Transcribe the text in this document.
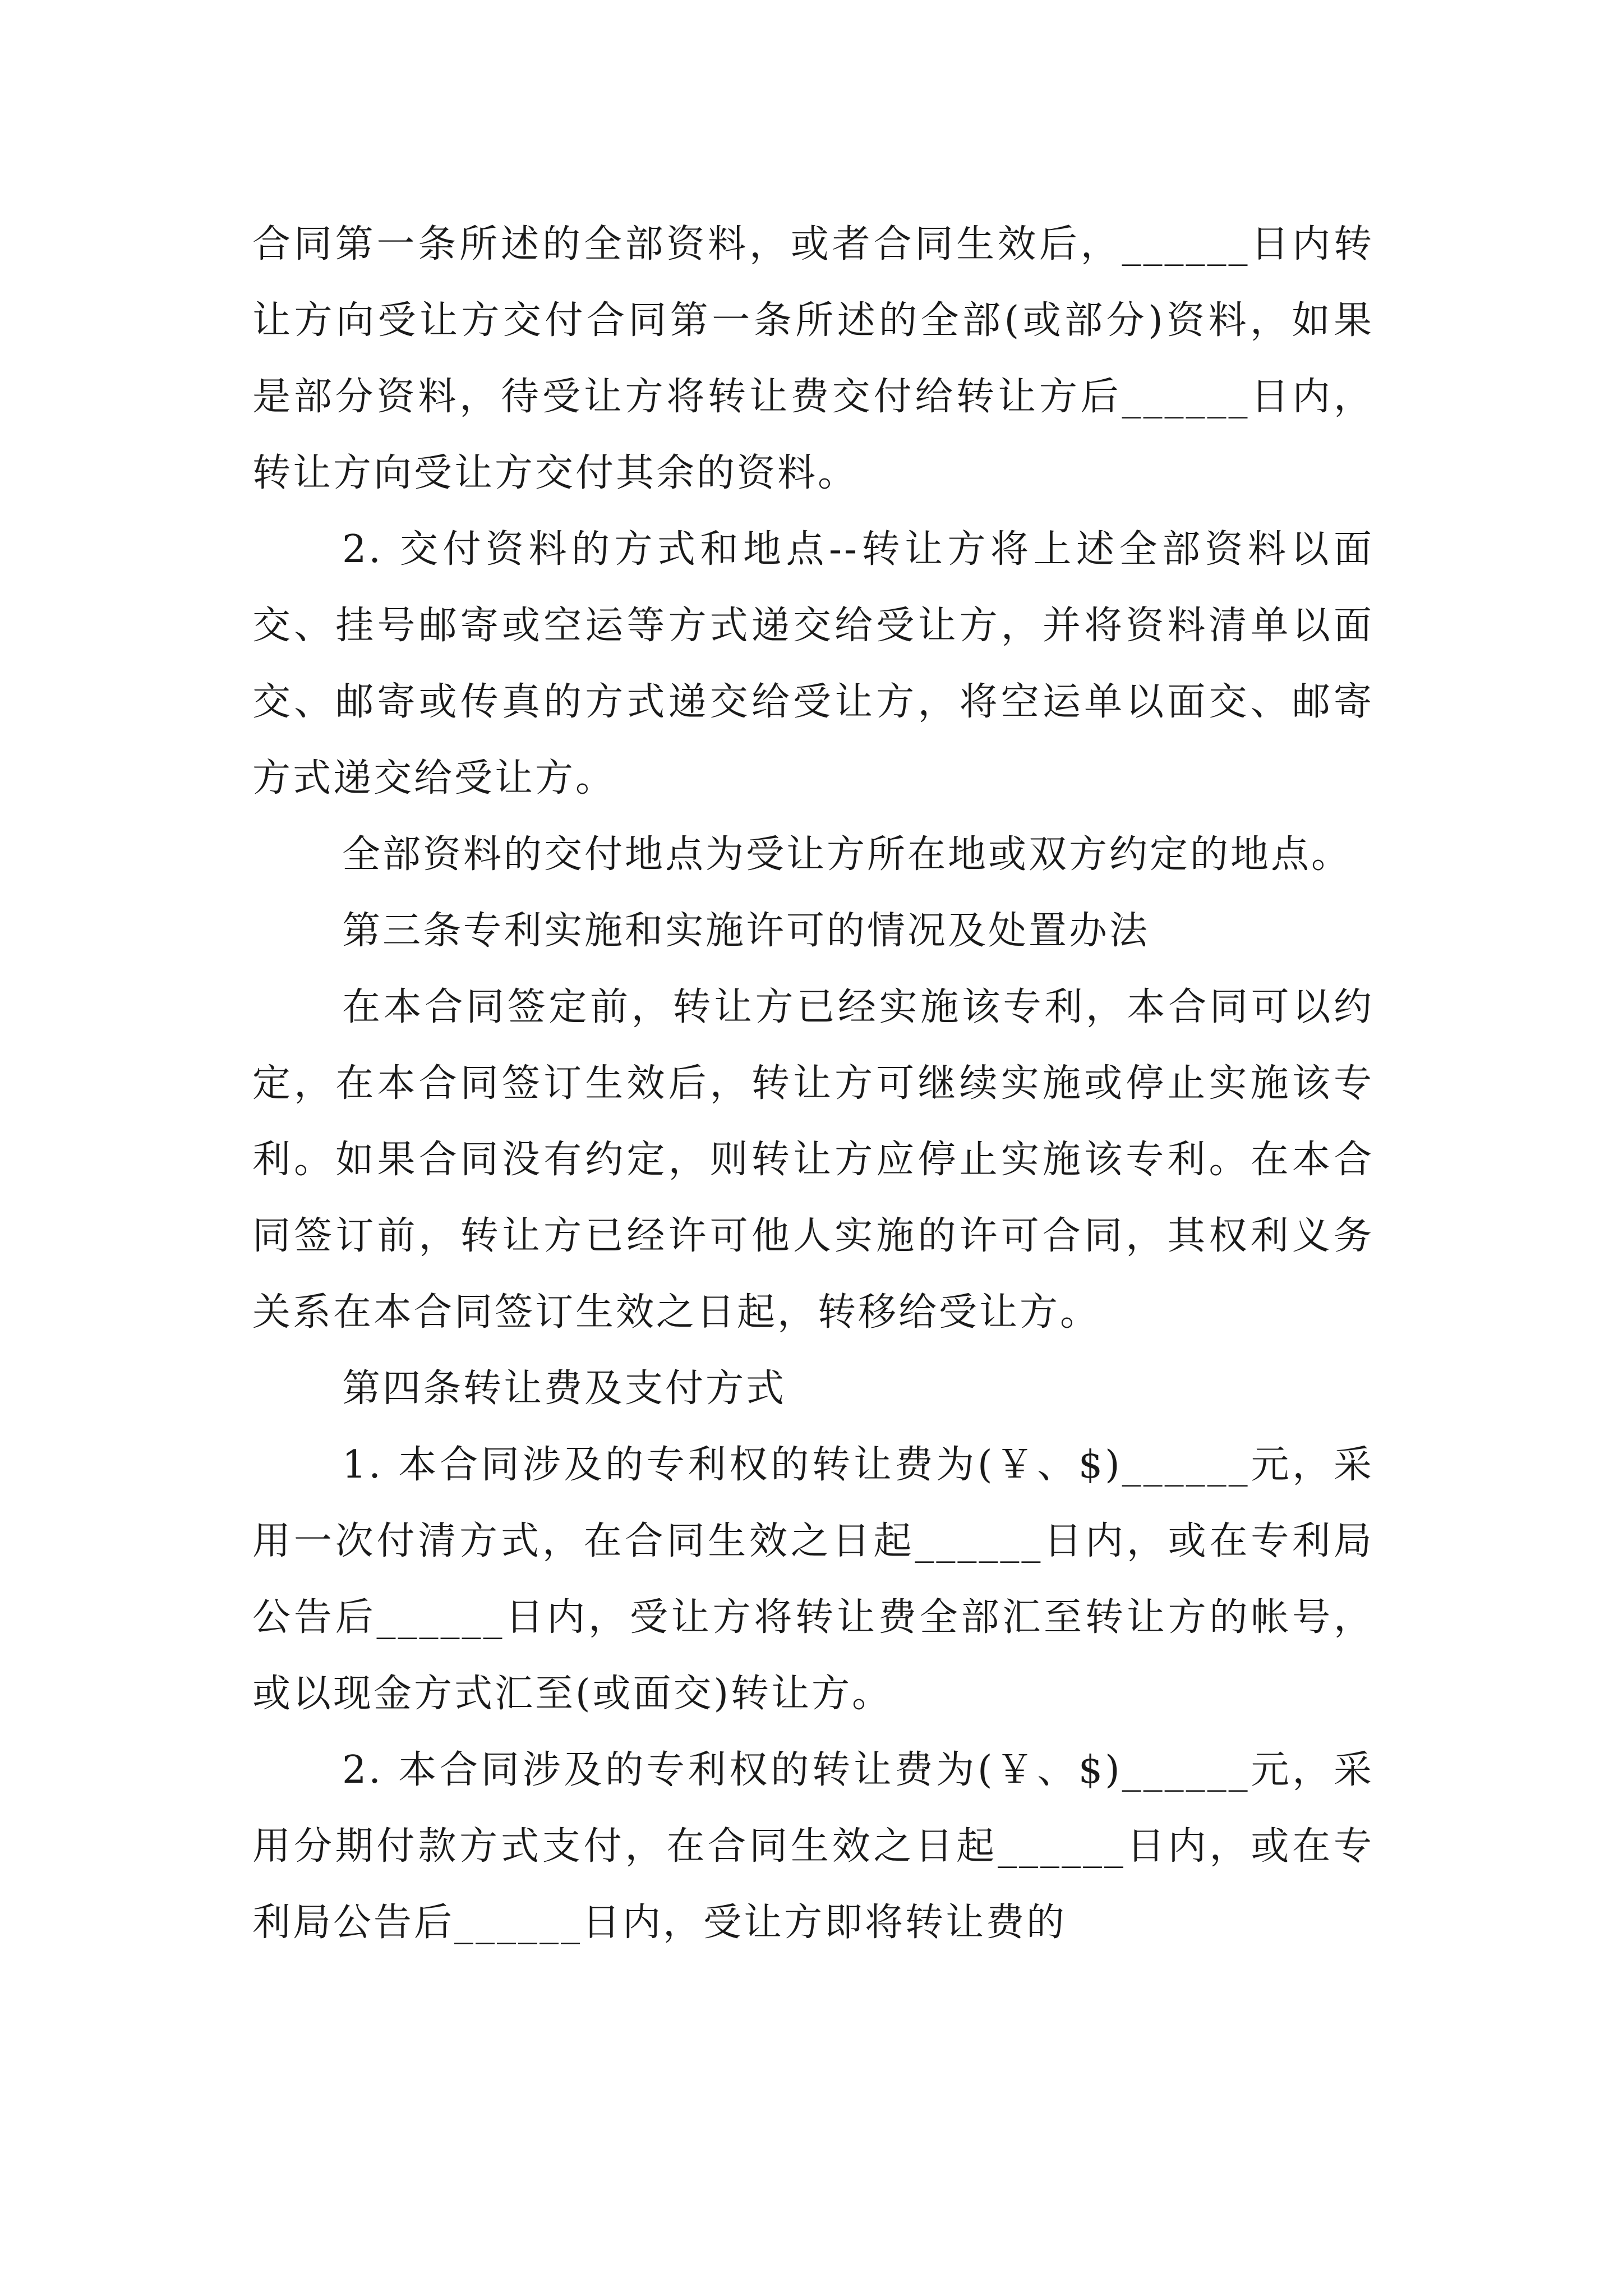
合同第一条所述的全部资料，或者合同生效后，______日内转让方向受让方交付合同第一条所述的全部(或部分)资料，如果是部分资料，待受让方将转让费交付给转让方后______日内，转让方向受让方交付其余的资料。

2. 交付资料的方式和地点--转让方将上述全部资料以面交、挂号邮寄或空运等方式递交给受让方，并将资料清单以面交、邮寄或传真的方式递交给受让方，将空运单以面交、邮寄方式递交给受让方。

全部资料的交付地点为受让方所在地或双方约定的地点。

第三条专利实施和实施许可的情况及处置办法

在本合同签定前，转让方已经实施该专利，本合同可以约定，在本合同签订生效后，转让方可继续实施或停止实施该专利。如果合同没有约定，则转让方应停止实施该专利。在本合同签订前，转让方已经许可他人实施的许可合同，其权利义务关系在本合同签订生效之日起，转移给受让方。

第四条转让费及支付方式

1. 本合同涉及的专利权的转让费为(￥、$)______元，采用一次付清方式，在合同生效之日起______日内，或在专利局公告后______日内，受让方将转让费全部汇至转让方的帐号，或以现金方式汇至(或面交)转让方。

2. 本合同涉及的专利权的转让费为(￥、$)______元，采用分期付款方式支付，在合同生效之日起______日内，或在专利局公告后______日内，受让方即将转让费的
